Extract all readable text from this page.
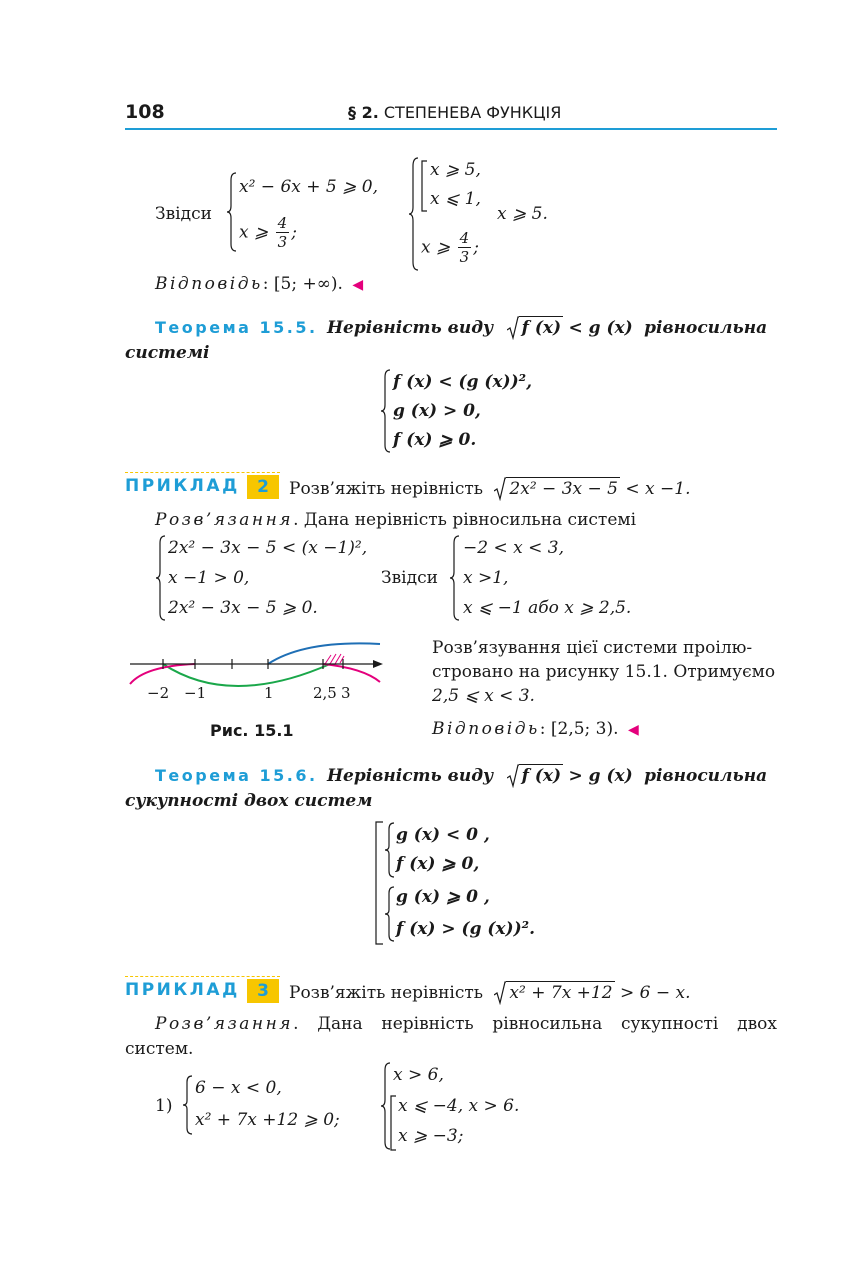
108	§ 2. СТЕПЕНЕВА ФУНКЦІЯ
Звідси
x² − 6x + 5 ⩾ 0,
x ⩾ $\frac{4}{3}$ ;
x ⩾ 5,
x ⩽ 1,
x ⩾ $\frac{4}{3}$ ;
x ⩾ 5.
Відповідь: [5; +∞). ◀
Теорема 15.5. Нерівність виду f (x) < g (x) рівносильна
системі
f (x) < (g (x))²,
g (x) > 0,
f (x) ⩾ 0.
ПРИКЛАД	2	Розв’яжіть нерівність 2x² − 3x − 5 < x −1.
Розв’язання. Дана нерівність рівносильна системі
2x² − 3x − 5 < (x −1)²,
x −1 > 0,
2x² − 3x − 5 ⩾ 0.
Звідси
−2 < x < 3,
x >1,
x ⩽ −1 або x ⩾ 2,5.
−2 −1	1	2,5 3
Рис. 15.1
Розв’язування цієї системи проілю-
стровано на рисунку 15.1. Отримуємо
2,5 ⩽ x < 3.
Відповідь: [2,5; 3). ◀
Теорема 15.6. Нерівність виду f (x) > g (x) рівносильна
сукупності двох систем
g (x) < 0 ,
f (x) ⩾ 0,
g (x) ⩾ 0 ,
f (x) > (g (x))².
ПРИКЛАД	3	Розв’яжіть нерівність x² + 7x +12 > 6 − x.
Розв’язання. Дана нерівність рівносильна сукупності двох
систем.
1)
6 − x < 0,
x² + 7x +12 ⩾ 0;
x > 6,
x ⩽ −4, x > 6.
x ⩾ −3;
